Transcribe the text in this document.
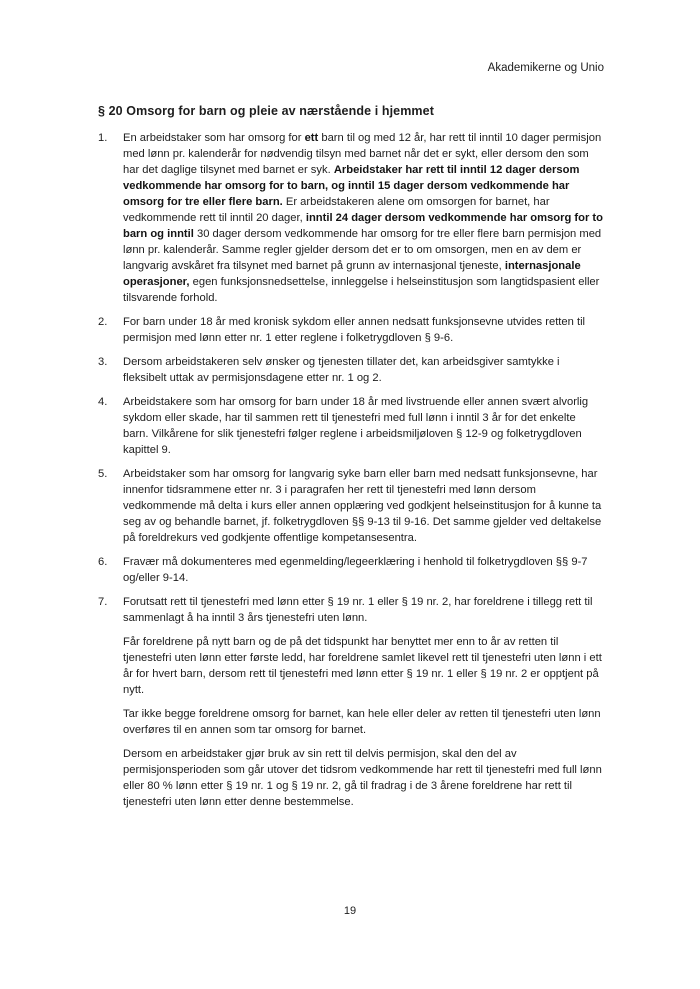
Akademikerne og Unio
§ 20 Omsorg for barn og pleie av nærstående i hjemmet
1.	En arbeidstaker som har omsorg for ett barn til og med 12 år, har rett til inntil 10 dager permisjon med lønn pr. kalenderår for nødvendig tilsyn med barnet når det er sykt, eller dersom den som har det daglige tilsynet med barnet er syk. Arbeidstaker har rett til inntil 12 dager dersom vedkommende har omsorg for to barn, og inntil 15 dager dersom vedkommende har omsorg for tre eller flere barn. Er arbeidstakeren alene om omsorgen for barnet, har vedkommende rett til inntil 20 dager, inntil 24 dager dersom vedkommende har omsorg for to barn og inntil 30 dager dersom vedkommende har omsorg for tre eller flere barn permisjon med lønn pr. kalenderår. Samme regler gjelder dersom det er to om omsorgen, men en av dem er langvarig avskåret fra tilsynet med barnet på grunn av internasjonal tjeneste, internasjonale operasjoner, egen funksjonsnedsettelse, innleggelse i helseinstitusjon som langtidspasient eller tilsvarende forhold.

2.	For barn under 18 år med kronisk sykdom eller annen nedsatt funksjonsevne utvides retten til permisjon med lønn etter nr. 1 etter reglene i folketrygdloven § 9-6.

3.	Dersom arbeidstakeren selv ønsker og tjenesten tillater det, kan arbeidsgiver samtykke i fleksibelt uttak av permisjonsdagene etter nr. 1 og 2.

4.	Arbeidstakere som har omsorg for barn under 18 år med livstruende eller annen svært alvorlig sykdom eller skade, har til sammen rett til tjenestefri med full lønn i inntil 3 år for det enkelte barn. Vilkårene for slik tjenestefri følger reglene i arbeidsmiljøloven § 12-9 og folketrygdloven kapittel 9.

5.	Arbeidstaker som har omsorg for langvarig syke barn eller barn med nedsatt funksjonsevne, har innenfor tidsrammene etter nr. 3 i paragrafen her rett til tjenestefri med lønn dersom vedkommende må delta i kurs eller annen opplæring ved godkjent helseinstitusjon for å kunne ta seg av og behandle barnet, jf. folketrygdloven §§ 9-13 til 9-16. Det samme gjelder ved deltakelse på foreldrekurs ved godkjente offentlige kompetansesentra.

6.	Fravær må dokumenteres med egenmelding/legeerklæring i henhold til folketrygdloven §§ 9-7 og/eller 9-14.

7.	Forutsatt rett til tjenestefri med lønn etter § 19 nr. 1 eller § 19 nr. 2, har foreldrene i tillegg rett til sammenlagt å ha inntil 3 års tjenestefri uten lønn.

Får foreldrene på nytt barn og de på det tidspunkt har benyttet mer enn to år av retten til tjenestefri uten lønn etter første ledd, har foreldrene samlet likevel rett til tjenestefri uten lønn i ett år for hvert barn, dersom rett til tjenestefri med lønn etter § 19 nr. 1 eller § 19 nr. 2 er opptjent på nytt.

Tar ikke begge foreldrene omsorg for barnet, kan hele eller deler av retten til tjenestefri uten lønn overføres til en annen som tar omsorg for barnet.

Dersom en arbeidstaker gjør bruk av sin rett til delvis permisjon, skal den del av permisjonsperioden som går utover det tidsrom vedkommende har rett til tjenestefri med full lønn eller 80 % lønn etter § 19 nr. 1 og § 19 nr. 2, gå til fradrag i de 3 årene foreldrene har rett til tjenestefri uten lønn etter denne bestemmelse.

19
